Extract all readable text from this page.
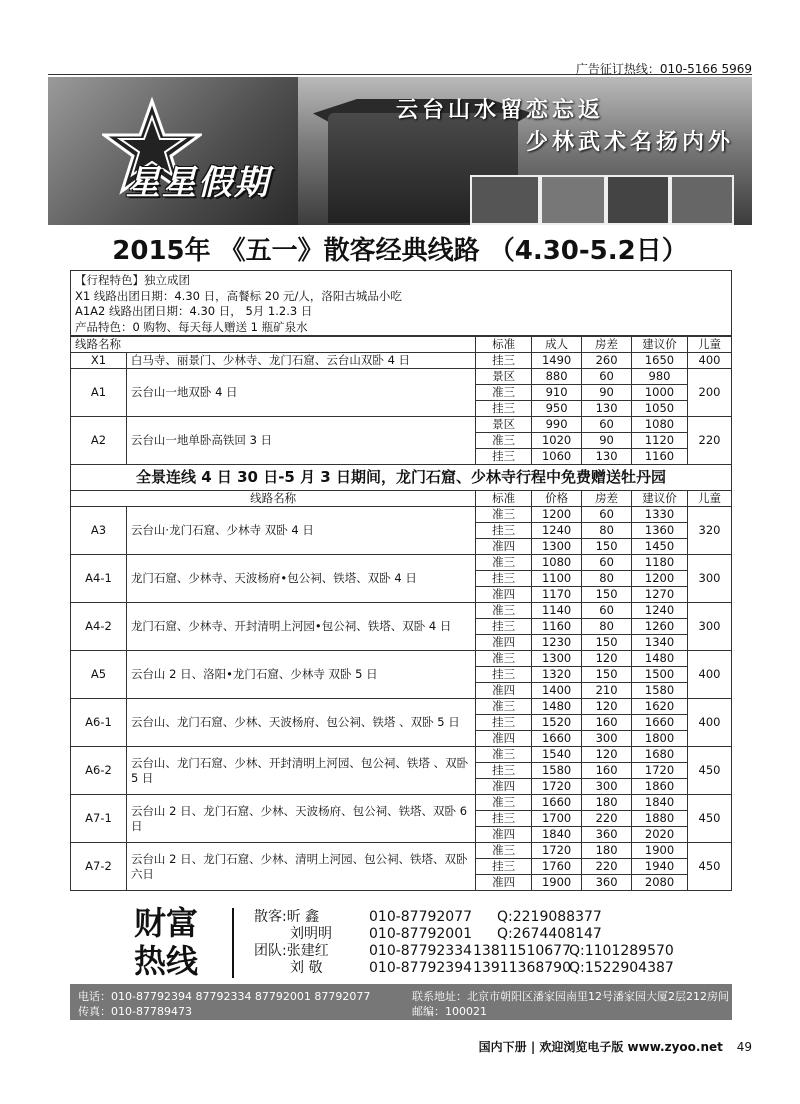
广告征订热线：010-5166 5969
星星假期
云台山水留恋忘返
少林武术名扬内外
2015年 《五一》散客经典线路 （4.30-5.2日）
【行程特色】独立成团
X1 线路出团日期：4.30 日，高餐标 20 元/人，洛阳古城品小吃
A1A2 线路出团日期：4.30 日， 5月 1.2.3 日
产品特色：0 购物、每天每人赠送 1 瓶矿泉水
线路名称		标准	成人	房差	建议价	儿童
X1	白马寺、丽景门、少林寺、龙门石窟、云台山双卧 4 日	挂三	1490	260	1650	400
A1	云台山一地双卧 4 日	景区	880	60	980	200
		准三	910	90	1000	
		挂三	950	130	1050	
A2	云台山一地单卧高铁回 3 日	景区	990	60	1080	220
		准三	1020	90	1120	
		挂三	1060	130	1160	
全景连线 4 日 30 日-5 月 3 日期间，龙门石窟、少林寺行程中免费赠送牡丹园
线路名称		标准	价格	房差	建议价	儿童
A3	云台山·龙门石窟、少林寺 双卧 4 日	准三	1200	60	1330	320
		挂三	1240	80	1360	
		准四	1300	150	1450	
A4-1	龙门石窟、少林寺、天波杨府•包公祠、铁塔、双卧 4 日	准三	1080	60	1180	300
		挂三	1100	80	1200	
		准四	1170	150	1270	
A4-2	龙门石窟、少林寺、开封清明上河园•包公祠、铁塔、双卧 4 日	准三	1140	60	1240	300
		挂三	1160	80	1260	
		准四	1230	150	1340	
A5	云台山 2 日、洛阳•龙门石窟、少林寺 双卧 5 日	准三	1300	120	1480	400
		挂三	1320	150	1500	
		准四	1400	210	1580	
A6-1	云台山、龙门石窟、少林、天波杨府、包公祠、铁塔 、双卧 5 日	准三	1480	120	1620	400
		挂三	1520	160	1660	
		准四	1660	300	1800	
A6-2	云台山、龙门石窟、少林、开封清明上河园、包公祠、铁塔 、双卧 5 日	准三	1540	120	1680	450
		挂三	1580	160	1720	
		准四	1720	300	1860	
A7-1	云台山 2 日、龙门石窟、少林、天波杨府、包公祠、铁塔、双卧 6 日	准三	1660	180	1840	450
		挂三	1700	220	1880	
		准四	1840	360	2020	
A7-2	云台山 2 日、龙门石窟、少林、清明上河园、包公祠、铁塔、双卧六日	准三	1720	180	1900	450
		挂三	1760	220	1940	
		准四	1900	360	2080	
财富
热线
散客:昕 鑫	010-87792077 Q:2219088377
刘明明	010-87792001 Q:2674408147
团队:张建红	010-8779233413811510677Q:1101289570
刘 敬	010-8779239413911368790Q:1522904387
电话：010-87792394 87792334 87792001 87792077
传真：010-87789473
联系地址：北京市朝阳区潘家园南里12号潘家园大厦2层212房间
邮编：100021
国内下册 | 欢迎浏览电子版 www.zyoo.net 49
